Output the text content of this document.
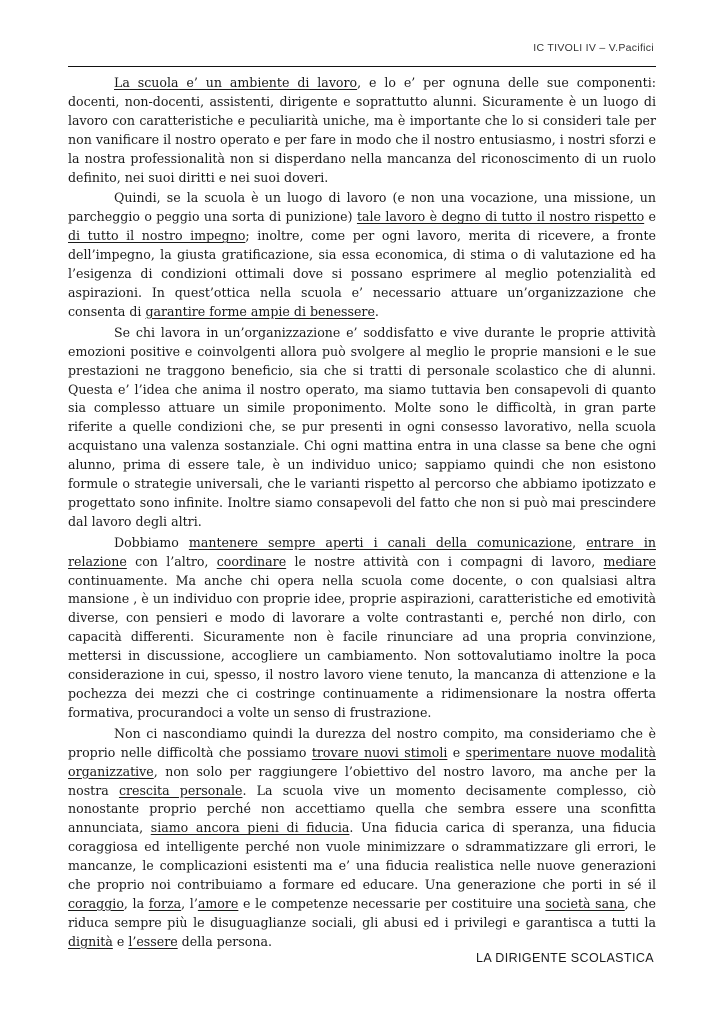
IC TIVOLI IV – V.Pacifici

La scuola e’ un ambiente di lavoro, e lo e’ per ognuna delle sue componenti: docenti, non-docenti, assistenti, dirigente e soprattutto alunni. Sicuramente è un luogo di lavoro con caratteristiche e peculiarità uniche, ma è importante che lo si consideri tale per non vanificare il nostro operato e per fare in modo che il nostro entusiasmo, i nostri sforzi e la nostra professionalità non si disperdano nella mancanza del riconoscimento di un ruolo definito, nei suoi diritti e nei suoi doveri.

Quindi, se la scuola è un luogo di lavoro (e non una vocazione, una missione, un parcheggio o peggio una sorta di punizione) tale lavoro è degno di tutto il nostro rispetto e di tutto il nostro impegno; inoltre, come per ogni lavoro, merita di ricevere, a fronte dell’impegno, la giusta gratificazione, sia essa economica, di stima o di valutazione ed ha l’esigenza di condizioni ottimali dove si possano esprimere al meglio potenzialità ed aspirazioni. In quest’ottica nella scuola e’ necessario attuare un’organizzazione che consenta di garantire forme ampie di benessere.

Se chi lavora in un’organizzazione e’ soddisfatto e vive durante le proprie attività emozioni positive e coinvolgenti allora può svolgere al meglio le proprie mansioni e le sue prestazioni ne traggono beneficio, sia che si tratti di personale scolastico che di alunni. Questa e’ l’idea che anima il nostro operato, ma siamo tuttavia ben consapevoli di quanto sia complesso attuare un simile proponimento. Molte sono le difficoltà, in gran parte riferite a quelle condizioni che, se pur presenti in ogni consesso lavorativo, nella scuola acquistano una valenza sostanziale. Chi ogni mattina entra in una classe sa bene che ogni alunno, prima di essere tale, è un individuo unico; sappiamo quindi che non esistono formule o strategie universali, che le varianti rispetto al percorso che abbiamo ipotizzato e progettato sono infinite. Inoltre siamo consapevoli del fatto che non si può mai prescindere dal lavoro degli altri.

Dobbiamo mantenere sempre aperti i canali della comunicazione, entrare in relazione con l’altro, coordinare le nostre attività con i compagni di lavoro, mediare continuamente. Ma anche chi opera nella scuola come docente, o con qualsiasi altra mansione , è un individuo con proprie idee, proprie aspirazioni, caratteristiche ed emotività diverse, con pensieri e modo di lavorare a volte contrastanti e, perché non dirlo, con capacità differenti. Sicuramente non è facile rinunciare ad una propria convinzione, mettersi in discussione, accogliere un cambiamento. Non sottovalutiamo inoltre la poca considerazione in cui, spesso, il nostro lavoro viene tenuto, la mancanza di attenzione e la pochezza dei mezzi che ci costringe continuamente a ridimensionare la nostra offerta formativa, procurandoci a volte un senso di frustrazione.

Non ci nascondiamo quindi la durezza del nostro compito, ma consideriamo che è proprio nelle difficoltà che possiamo trovare nuovi stimoli e sperimentare nuove modalità organizzative, non solo per raggiungere l’obiettivo del nostro lavoro, ma anche per la nostra crescita personale. La scuola vive un momento decisamente complesso, ciò nonostante proprio perché non accettiamo quella che sembra essere una sconfitta annunciata, siamo ancora pieni di fiducia. Una fiducia carica di speranza, una fiducia coraggiosa ed intelligente perché non vuole minimizzare o sdrammatizzare gli errori, le mancanze, le complicazioni esistenti ma e’ una fiducia realistica nelle nuove generazioni che proprio noi contribuiamo a formare ed educare. Una generazione che porti in sé il coraggio, la forza, l’amore e le competenze necessarie per costituire una società sana, che riduca sempre più le disuguaglianze sociali, gli abusi ed i privilegi e garantisca a tutti la dignità e l’essere della persona.

LA DIRIGENTE SCOLASTICA
